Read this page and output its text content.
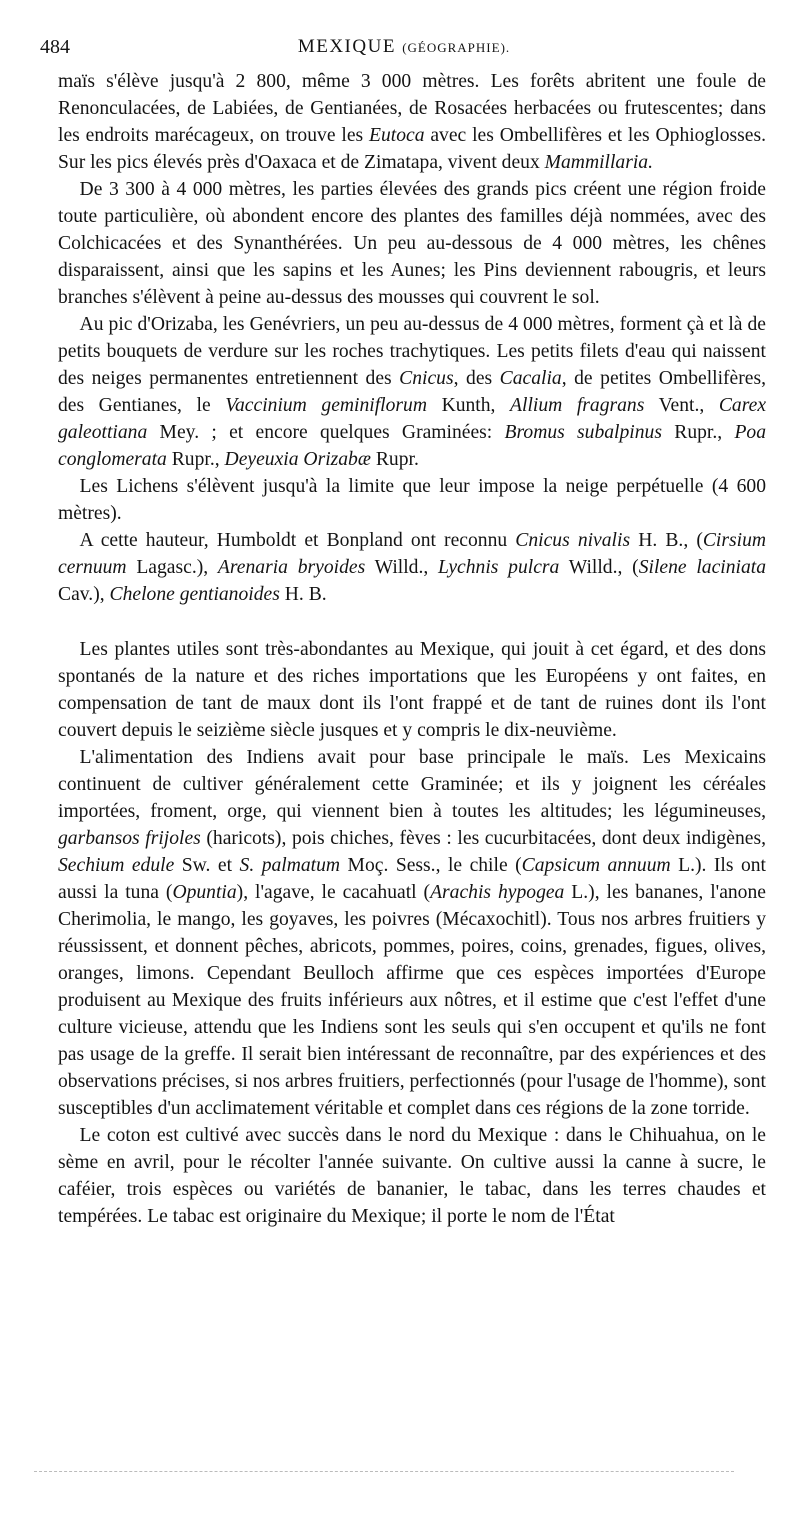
484	MEXIQUE (GÉOGRAPHIE).

maïs s'élève jusqu'à 2 800, même 3 000 mètres. Les forêts abritent une foule de Renonculacées, de Labiées, de Gentianées, de Rosacées herbacées ou frutescentes; dans les endroits marécageux, on trouve les Eutoca avec les Ombellifères et les Ophioglosses. Sur les pics élevés près d'Oaxaca et de Zimatapa, vivent deux Mammillaria.

De 3 300 à 4 000 mètres, les parties élevées des grands pics créent une région froide toute particulière, où abondent encore des plantes des familles déjà nommées, avec des Colchicacées et des Synanthérées. Un peu au-dessous de 4 000 mètres, les chênes disparaissent, ainsi que les sapins et les Aunes; les Pins deviennent rabougris, et leurs branches s'élèvent à peine au-dessus des mousses qui couvrent le sol.

Au pic d'Orizaba, les Genévriers, un peu au-dessus de 4 000 mètres, forment çà et là de petits bouquets de verdure sur les roches trachytiques. Les petits filets d'eau qui naissent des neiges permanentes entretiennent des Cnicus, des Cacalia, de petites Ombellifères, des Gentianes, le Vaccinium geminiflorum Kunth, Allium fragrans Vent., Carex galeottiana Mey. ; et encore quelques Graminées: Bromus subalpinus Rupr., Poa conglomerata Rupr., Deyeuxia Orizabæ Rupr.

Les Lichens s'élèvent jusqu'à la limite que leur impose la neige perpétuelle (4 600 mètres).

A cette hauteur, Humboldt et Bonpland ont reconnu Cnicus nivalis H. B., (Cirsium cernuum Lagasc.), Arenaria bryoides Willd., Lychnis pulcra Willd., (Silene laciniata Cav.), Chelone gentianoides H. B.

Les plantes utiles sont très-abondantes au Mexique, qui jouit à cet égard, et des dons spontanés de la nature et des riches importations que les Européens y ont faites, en compensation de tant de maux dont ils l'ont frappé et de tant de ruines dont ils l'ont couvert depuis le seizième siècle jusques et y compris le dix-neuvième.

L'alimentation des Indiens avait pour base principale le maïs. Les Mexicains continuent de cultiver généralement cette Graminée; et ils y joignent les céréales importées, froment, orge, qui viennent bien à toutes les altitudes; les légumineuses, garbansos frijoles (haricots), pois chiches, fèves : les cucurbitacées, dont deux indigènes, Sechium edule Sw. et S. palmatum Moç. Sess., le chile (Capsicum annuum L.). Ils ont aussi la tuna (Opuntia), l'agave, le cacahuatl (Arachis hypogea L.), les bananes, l'anone Cherimolia, le mango, les goyaves, les poivres (Mécaxochitl). Tous nos arbres fruitiers y réussissent, et donnent pêches, abricots, pommes, poires, coins, grenades, figues, olives, oranges, limons. Cependant Beulloch affirme que ces espèces importées d'Europe produisent au Mexique des fruits inférieurs aux nôtres, et il estime que c'est l'effet d'une culture vicieuse, attendu que les Indiens sont les seuls qui s'en occupent et qu'ils ne font pas usage de la greffe. Il serait bien intéressant de reconnaître, par des expériences et des observations précises, si nos arbres fruitiers, perfectionnés (pour l'usage de l'homme), sont susceptibles d'un acclimatement véritable et complet dans ces régions de la zone torride.

Le coton est cultivé avec succès dans le nord du Mexique : dans le Chihuahua, on le sème en avril, pour le récolter l'année suivante. On cultive aussi la canne à sucre, le caféier, trois espèces ou variétés de bananier, le tabac, dans les terres chaudes et tempérées. Le tabac est originaire du Mexique; il porte le nom de l'État
